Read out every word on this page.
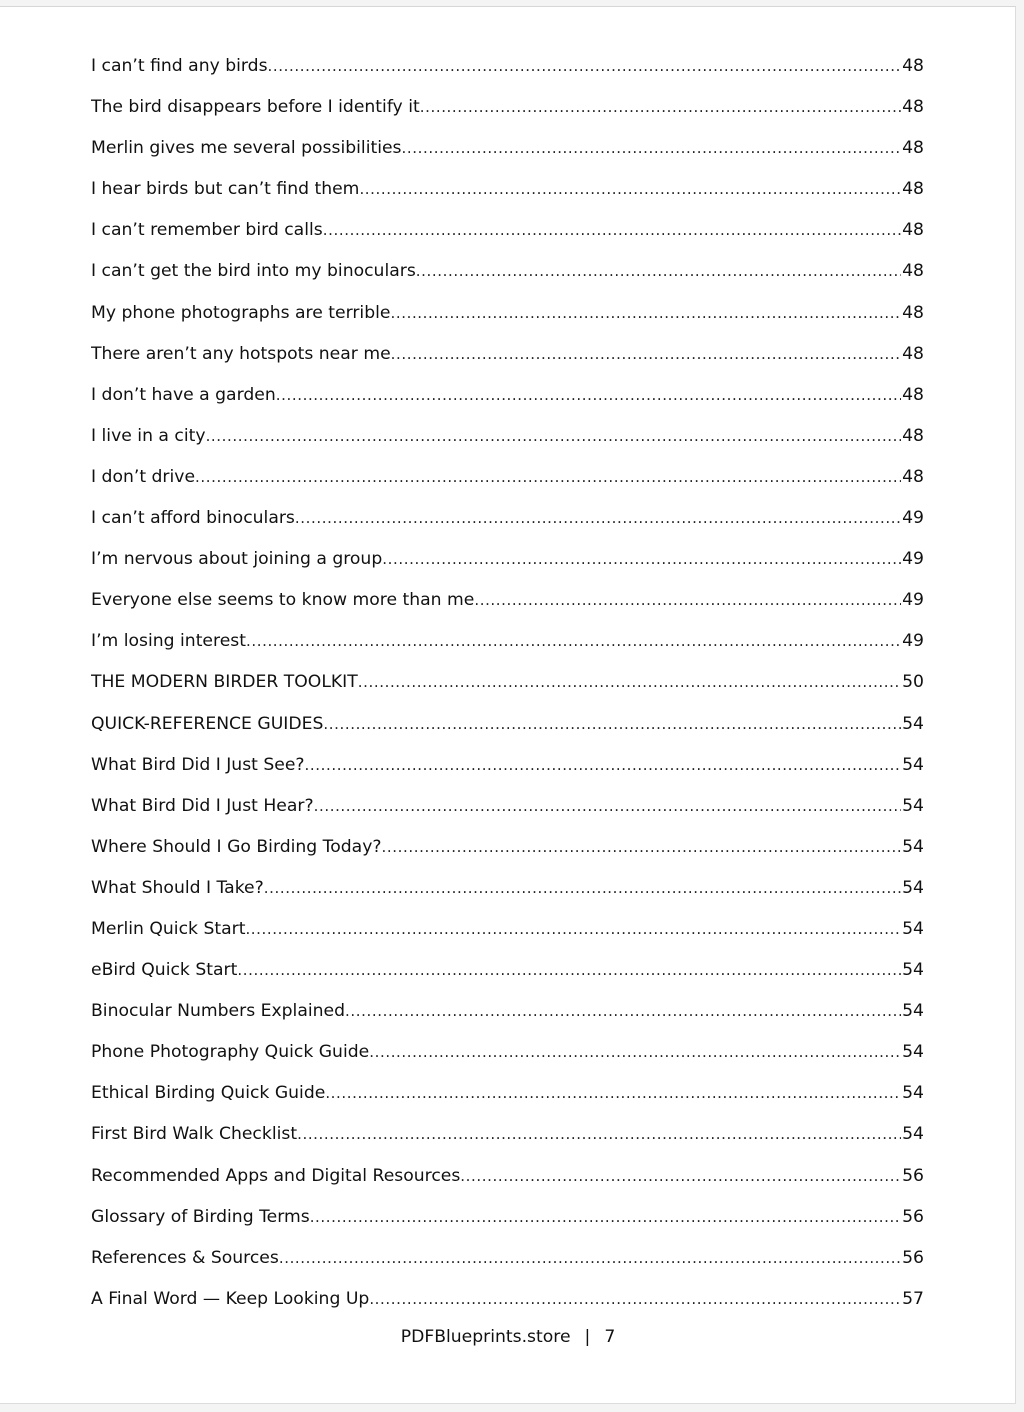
I can’t find any birds .....	48
The bird disappears before I identify it .....	48
Merlin gives me several possibilities .....	48
I hear birds but can’t find them .....	48
I can’t remember bird calls .....	48
I can’t get the bird into my binoculars .....	48
My phone photographs are terrible .....	48
There aren’t any hotspots near me .....	48
I don’t have a garden .....	48
I live in a city .....	48
I don’t drive .....	48
I can’t afford binoculars .....	49
I’m nervous about joining a group .....	49
Everyone else seems to know more than me .....	49
I’m losing interest .....	49
THE MODERN BIRDER TOOLKIT .....	50
QUICK-REFERENCE GUIDES .....	54
What Bird Did I Just See? .....	54
What Bird Did I Just Hear? .....	54
Where Should I Go Birding Today? .....	54
What Should I Take? .....	54
Merlin Quick Start .....	54
eBird Quick Start .....	54
Binocular Numbers Explained .....	54
Phone Photography Quick Guide .....	54
Ethical Birding Quick Guide .....	54
First Bird Walk Checklist .....	54
Recommended Apps and Digital Resources .....	56
Glossary of Birding Terms .....	56
References & Sources .....	56
A Final Word — Keep Looking Up .....	57
PDFBlueprints.store | 7
